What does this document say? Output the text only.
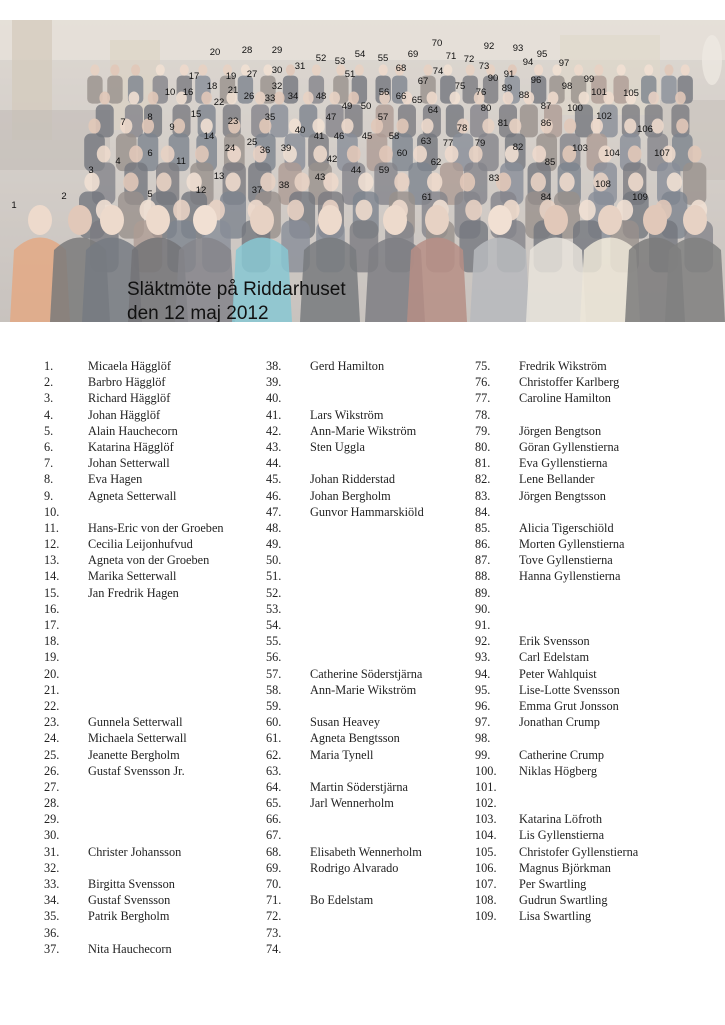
Släktmöte på Riddarhuset
den 12 maj 2012
1
2
3
4
5
6
7 8
9
10
11
12
13
14
15
16
17
18
19
20
21
22
23
24
25
26
27
28 29
30 31
32
33 34
35
36
37 38
39
40
41
42
43
44
45
46
47
48
49 50
51
52 53
54 55
56
57
58
59
60
61
62
63
64
65
66
67
68
69
70
71 72
73
74
75
76
77
78
79
80
81
82
83
84
85
86
87
88
89
90 91
92 93
94
95
96
97
98
99
100
101
102
103 104
105
106
107
108
109
1.	Micaela Hägglöf
2.	Barbro Hägglöf
3.	Richard Hägglöf
4.	Johan Hägglöf
5.	Alain Hauchecorn
6.	Katarina Hägglöf
7.	Johan Setterwall
8.	Eva Hagen
9.	Agneta Setterwall
10.
11. Hans-Eric von der Groeben
12. Cecilia Leijonhufvud
13. Agneta von der Groeben
14. Marika Setterwall
15. Jan Fredrik Hagen
16.
17.
18.
19.
20.
21.
22.
23. Gunnela Setterwall
24. Michaela Setterwall
25. Jeanette Bergholm
26. Gustaf Svensson Jr.
27.
28.
29.
30.
31. Christer Johansson
32.
33. Birgitta Svensson
34. Gustaf Svensson
35. Patrik Bergholm
36.
37. Nita Hauchecorn
38. Gerd Hamilton
39.
40.
41. Lars Wikström
42. Ann-Marie Wikström
43. Sten Uggla
44.
45. Johan Ridderstad
46. Johan Bergholm
47. Gunvor Hammarskiöld
48.
49.
50.
51.
52.
53.
54.
55.
56.
57. Catherine Söderstjärna
58. Ann-Marie Wikström
59.
60. Susan Heavey
61. Agneta Bengtsson
62. Maria Tynell
63.
64. Martin Söderstjärna
65. Jarl Wennerholm
66.
67.
68. Elisabeth Wennerholm
69. Rodrigo Alvarado
70.
71. Bo Edelstam
72.
73.
74.
75. Fredrik Wikström
76. Christoffer Karlberg
77. Caroline Hamilton
78.
79. Jörgen Bengtson
80. Göran Gyllenstierna
81. Eva Gyllenstierna
82. Lene Bellander
83. Jörgen Bengtsson
84.
85. Alicia Tigerschiöld
86. Morten Gyllenstierna
87. Tove Gyllenstierna
88. Hanna Gyllenstierna
89.
90.
91.
92. Erik Svensson
93. Carl Edelstam
94. Peter Wahlquist
95. Lise-Lotte Svensson
96. Emma Grut Jonsson
97. Jonathan Crump
98.
99. Catherine Crump
100. Niklas Högberg
101.
102.
103. Katarina Löfroth
104. Lis Gyllenstierna
105. Christofer Gyllenstierna
106. Magnus Björkman
107. Per Swartling
108. Gudrun Swartling
109. Lisa Swartling
